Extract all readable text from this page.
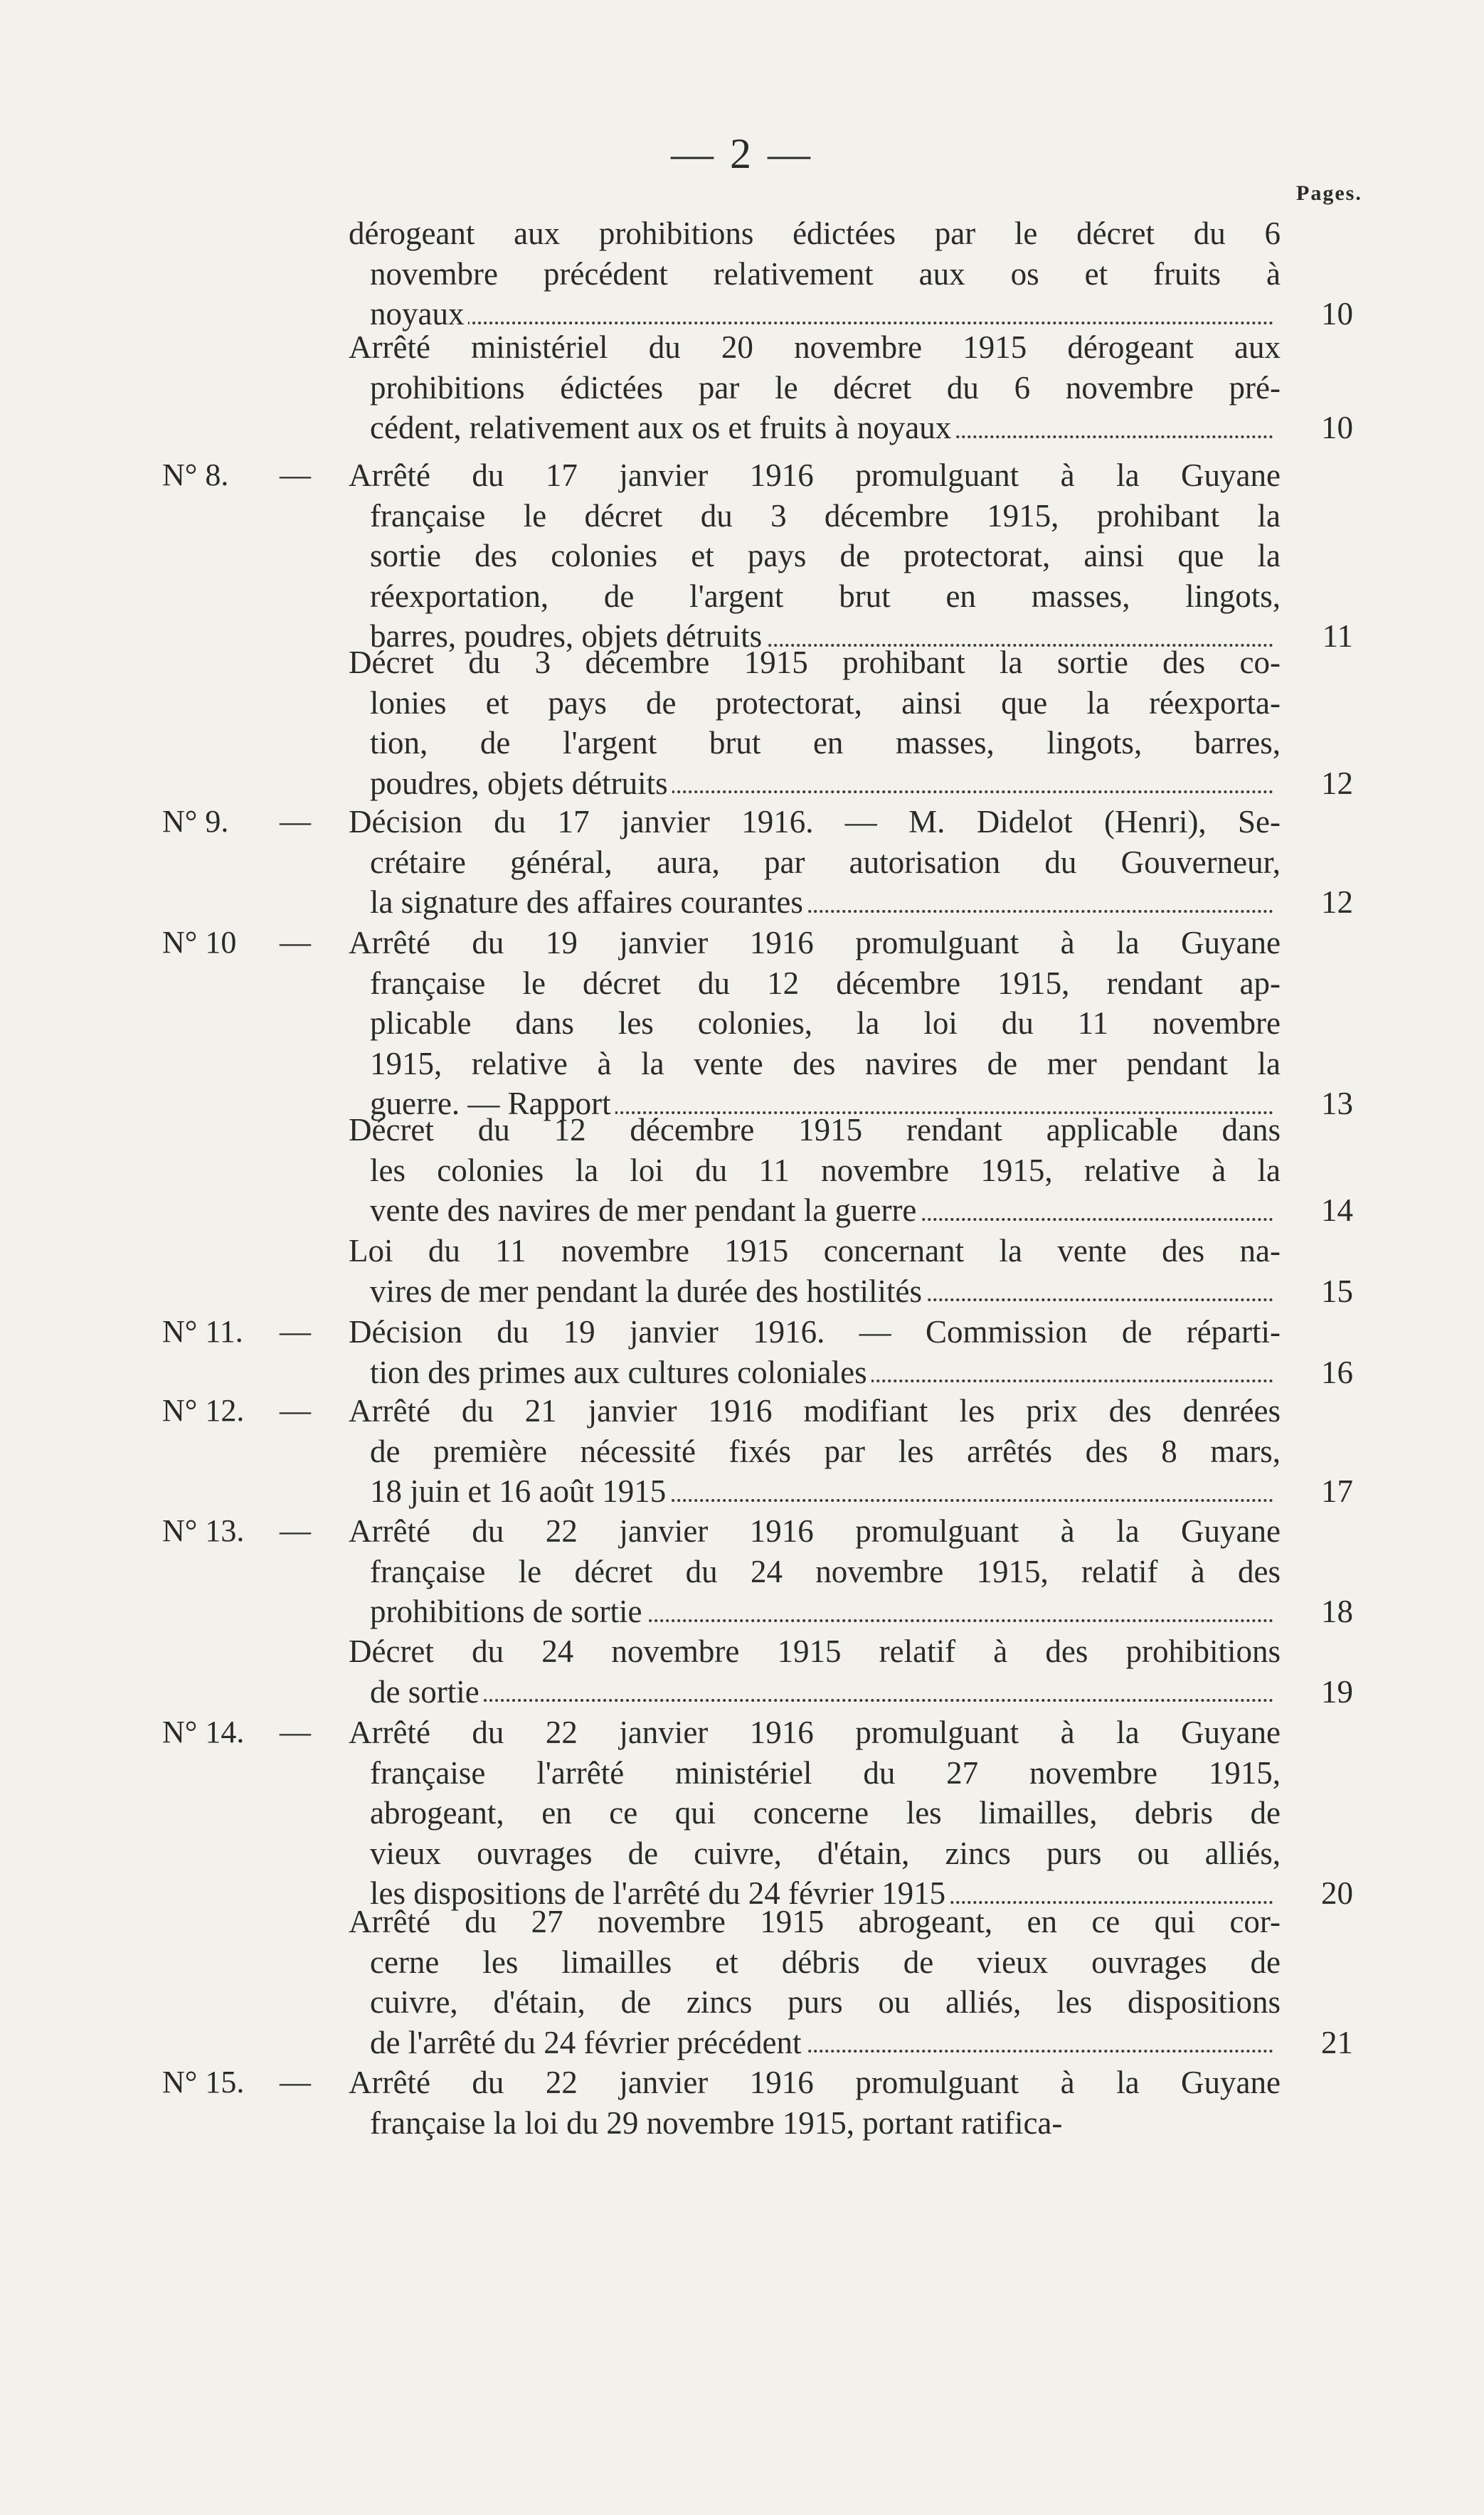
— 2 —
Pages.
dérogeant aux prohibitions édictées par le décret du 6
novembre précédent relativement aux os et fruits à
noyaux	10
Arrêté ministériel du 20 novembre 1915 dérogeant aux
prohibitions édictées par le décret du 6 novembre pré-
cédent, relativement aux os et fruits à noyaux	10
N° 8. — Arrêté du 17 janvier 1916 promulguant à la Guyane
française le décret du 3 décembre 1915, prohibant la
sortie des colonies et pays de protectorat, ainsi que la
réexportation, de l'argent brut en masses, lingots,
barres, poudres, objets détruits	11
Décret du 3 décembre 1915 prohibant la sortie des co-
lonies et pays de protectorat, ainsi que la réexporta-
tion, de l'argent brut en masses, lingots, barres,
poudres, objets détruits	12
N° 9. — Décision du 17 janvier 1916. — M. Didelot (Henri), Se-
crétaire général, aura, par autorisation du Gouverneur,
la signature des affaires courantes	12
N° 10 — Arrêté du 19 janvier 1916 promulguant à la Guyane
française le décret du 12 décembre 1915, rendant ap-
plicable dans les colonies, la loi du 11 novembre
1915, relative à la vente des navires de mer pendant la
guerre. — Rapport	13
Décret du 12 décembre 1915 rendant applicable dans
les colonies la loi du 11 novembre 1915, relative à la
vente des navires de mer pendant la guerre	14
Loi du 11 novembre 1915 concernant la vente des na-
vires de mer pendant la durée des hostilités	15
N° 11. — Décision du 19 janvier 1916. — Commission de réparti-
tion des primes aux cultures coloniales	16
N° 12. — Arrêté du 21 janvier 1916 modifiant les prix des denrées
de première nécessité fixés par les arrêtés des 8 mars,
18 juin et 16 août 1915	17
N° 13. — Arrêté du 22 janvier 1916 promulguant à la Guyane
française le décret du 24 novembre 1915, relatif à des
prohibitions de sortie	18
Décret du 24 novembre 1915 relatif à des prohibitions
de sortie	19
N° 14. — Arrêté du 22 janvier 1916 promulguant à la Guyane
française l'arrêté ministériel du 27 novembre 1915,
abrogeant, en ce qui concerne les limailles, debris de
vieux ouvrages de cuivre, d'étain, zincs purs ou alliés,
les dispositions de l'arrêté du 24 février 1915	20
Arrêté du 27 novembre 1915 abrogeant, en ce qui cor-
cerne les limailles et débris de vieux ouvrages de
cuivre, d'étain, de zincs purs ou alliés, les dispositions
de l'arrêté du 24 février précédent	21
N° 15. — Arrêté du 22 janvier 1916 promulguant à la Guyane
française la loi du 29 novembre 1915, portant ratifica-
